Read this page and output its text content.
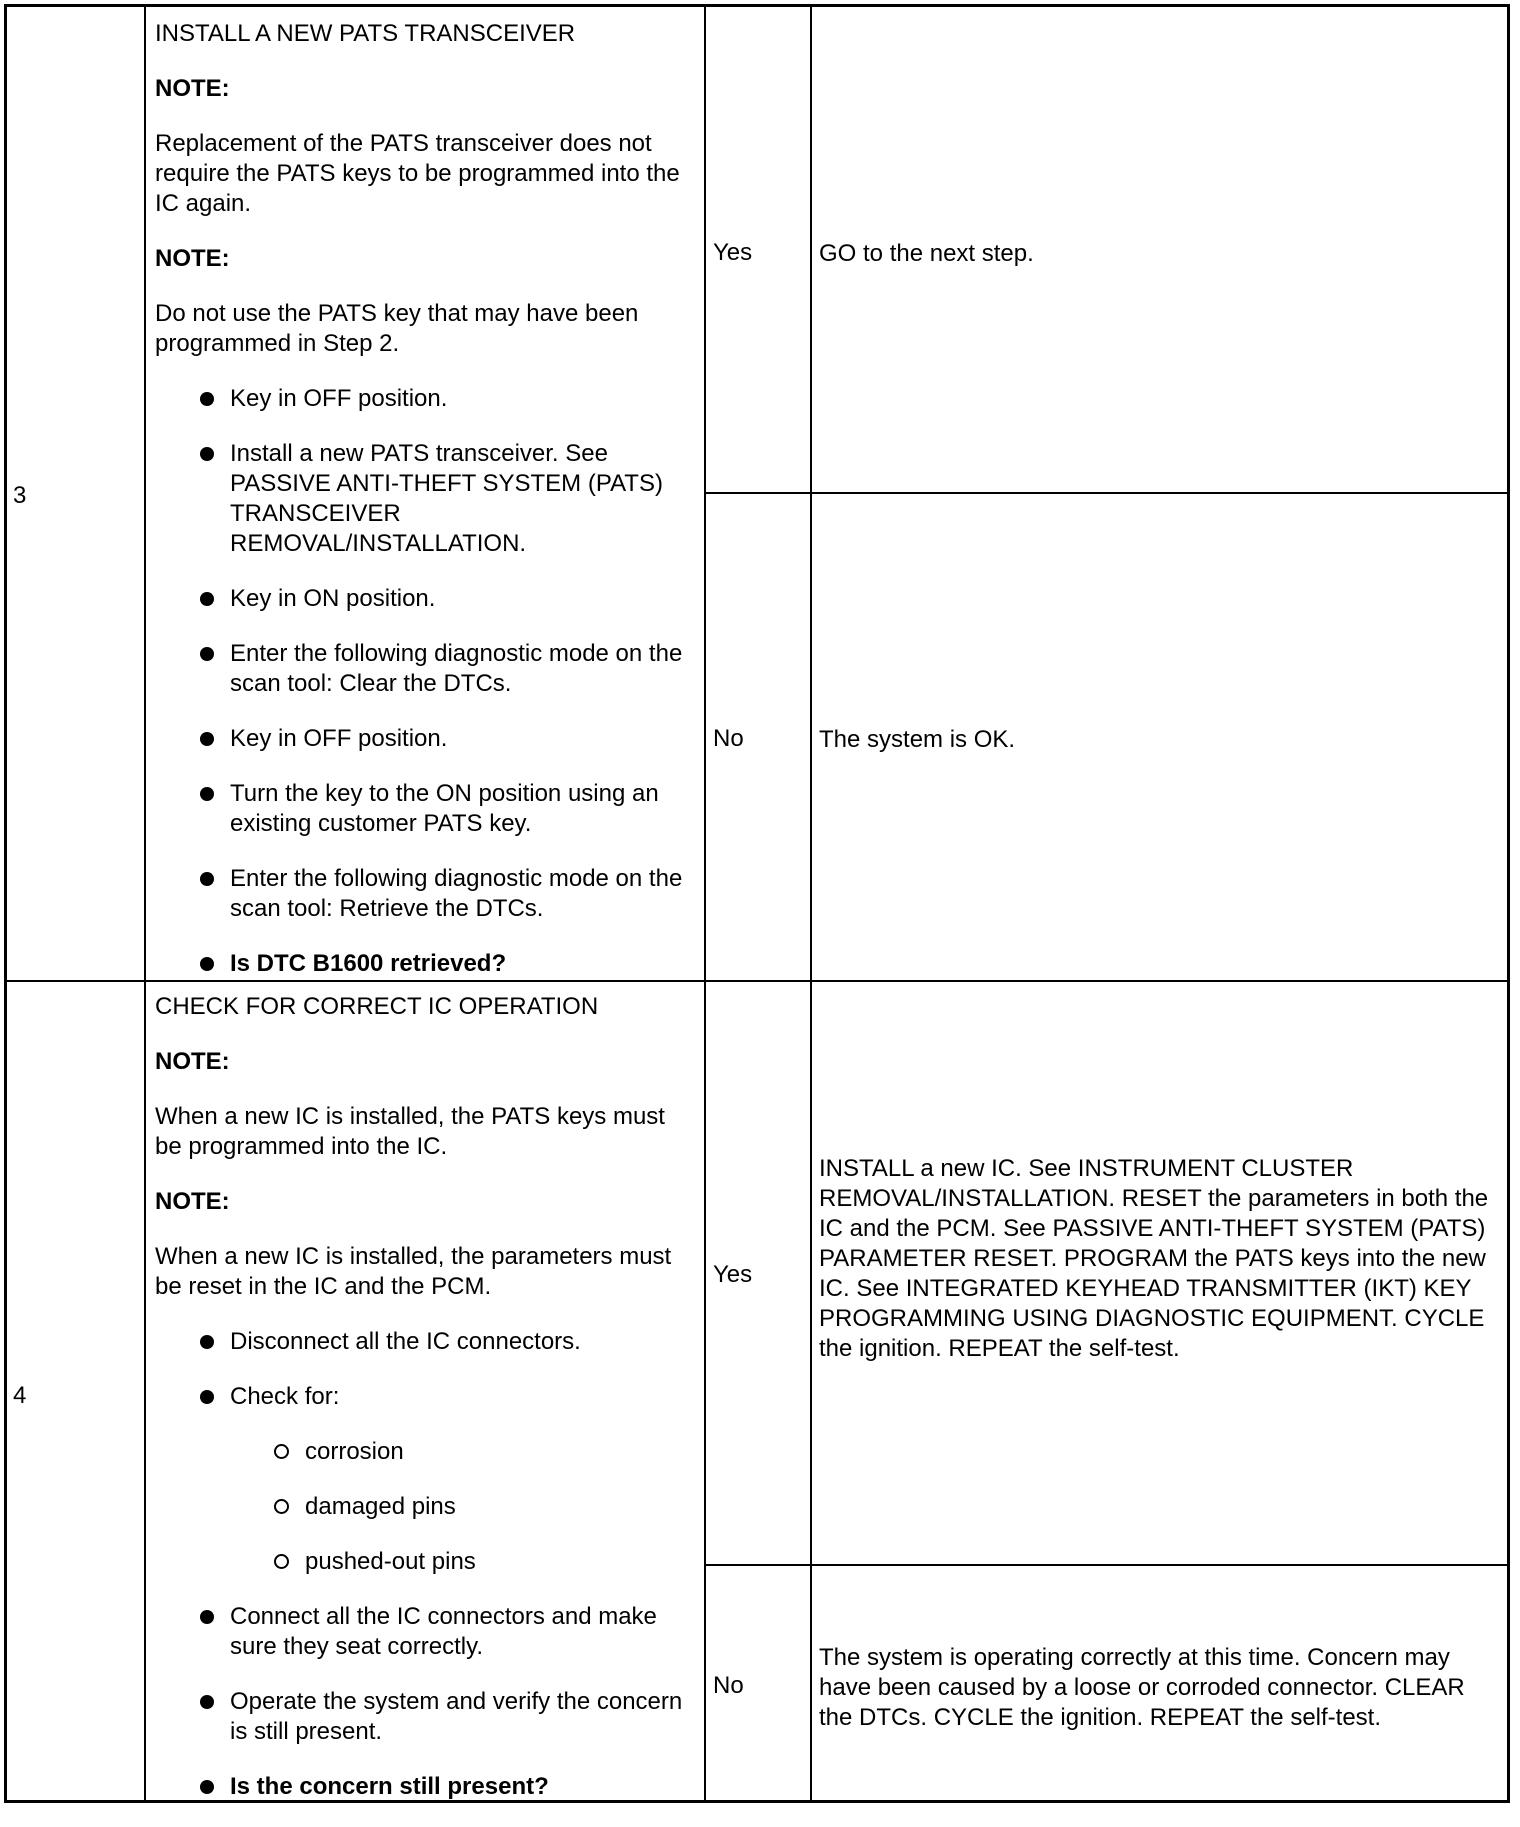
3
INSTALL A NEW PATS TRANSCEIVER
NOTE:
Replacement of the PATS transceiver does not require the PATS keys to be programmed into the IC again.
NOTE:
Do not use the PATS key that may have been programmed in Step 2.
Key in OFF position.
Install a new PATS transceiver. See PASSIVE ANTI-THEFT SYSTEM (PATS) TRANSCEIVER REMOVAL/INSTALLATION.
Key in ON position.
Enter the following diagnostic mode on the scan tool: Clear the DTCs.
Key in OFF position.
Turn the key to the ON position using an existing customer PATS key.
Enter the following diagnostic mode on the scan tool: Retrieve the DTCs.
Is DTC B1600 retrieved?
Yes	GO to the next step.
No	The system is OK.
4
CHECK FOR CORRECT IC OPERATION
NOTE:
When a new IC is installed, the PATS keys must be programmed into the IC.
NOTE:
When a new IC is installed, the parameters must be reset in the IC and the PCM.
Disconnect all the IC connectors.
Check for:
corrosion
damaged pins
pushed-out pins
Connect all the IC connectors and make sure they seat correctly.
Operate the system and verify the concern is still present.
Is the concern still present?
Yes
INSTALL a new IC. See INSTRUMENT CLUSTER REMOVAL/INSTALLATION. RESET the parameters in both the IC and the PCM. See PASSIVE ANTI-THEFT SYSTEM (PATS) PARAMETER RESET. PROGRAM the PATS keys into the new IC. See INTEGRATED KEYHEAD TRANSMITTER (IKT) KEY PROGRAMMING USING DIAGNOSTIC EQUIPMENT. CYCLE the ignition. REPEAT the self-test.
No
The system is operating correctly at this time. Concern may have been caused by a loose or corroded connector. CLEAR the DTCs. CYCLE the ignition. REPEAT the self-test.
